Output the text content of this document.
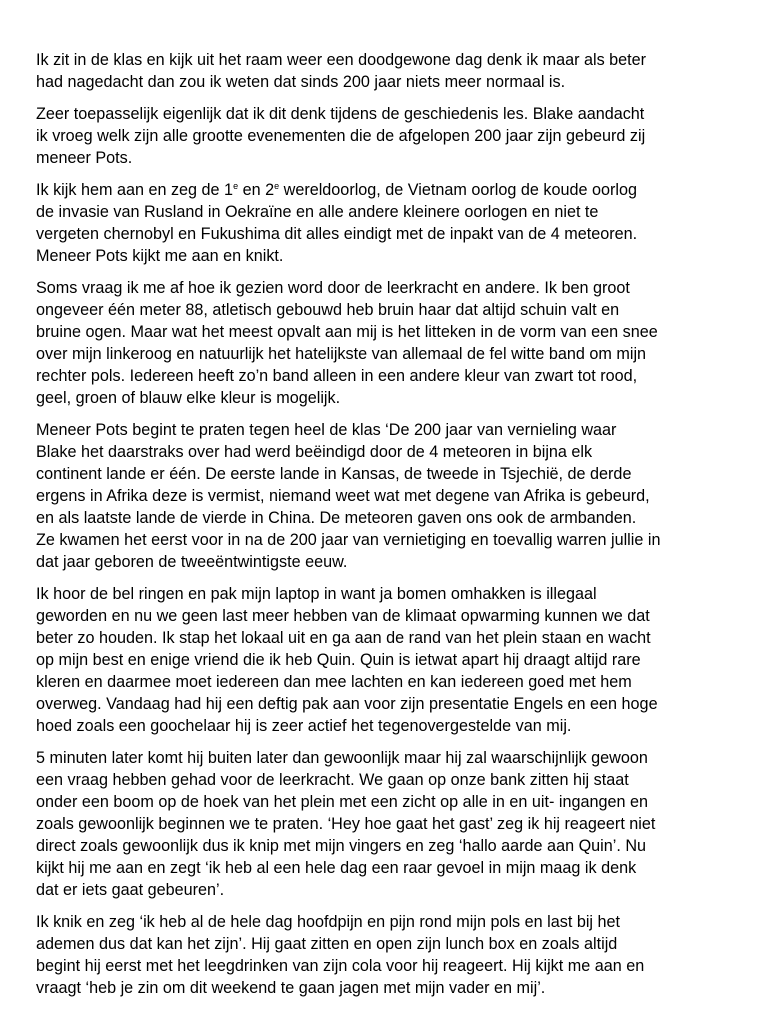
Ik zit in de klas en kijk uit het raam weer een doodgewone dag denk ik maar als beter
had nagedacht dan zou ik weten dat sinds 200 jaar niets meer normaal is.

Zeer toepasselijk eigenlijk dat ik dit denk tijdens de geschiedenis les. Blake aandacht
ik vroeg welk zijn alle grootte evenementen die de afgelopen 200 jaar zijn gebeurd zij
meneer Pots.

Ik kijk hem aan en zeg de 1e en 2e wereldoorlog, de Vietnam oorlog de koude oorlog
de invasie van Rusland in Oekraïne en alle andere kleinere oorlogen en niet te
vergeten chernobyl en Fukushima dit alles eindigt met de inpakt van de 4 meteoren.
Meneer Pots kijkt me aan en knikt.

Soms vraag ik me af hoe ik gezien word door de leerkracht en andere. Ik ben groot
ongeveer één meter 88, atletisch gebouwd heb bruin haar dat altijd schuin valt en
bruine ogen. Maar wat het meest opvalt aan mij is het litteken in de vorm van een snee
over mijn linkeroog en natuurlijk het hatelijkste van allemaal de fel witte band om mijn
rechter pols. Iedereen heeft zo’n band alleen in een andere kleur van zwart tot rood,
geel, groen of blauw elke kleur is mogelijk.

Meneer Pots begint te praten tegen heel de klas ‘De 200 jaar van vernieling waar
Blake het daarstraks over had werd beëindigd door de 4 meteoren in bijna elk
continent lande er één. De eerste lande in Kansas, de tweede in Tsjechië, de derde
ergens in Afrika deze is vermist, niemand weet wat met degene van Afrika is gebeurd,
en als laatste lande de vierde in China. De meteoren gaven ons ook de armbanden.
Ze kwamen het eerst voor in na de 200 jaar van vernietiging en toevallig warren jullie in
dat jaar geboren de tweeëntwintigste eeuw.

Ik hoor de bel ringen en pak mijn laptop in want ja bomen omhakken is illegaal
geworden en nu we geen last meer hebben van de klimaat opwarming kunnen we dat
beter zo houden. Ik stap het lokaal uit en ga aan de rand van het plein staan en wacht
op mijn best en enige vriend die ik heb Quin. Quin is ietwat apart hij draagt altijd rare
kleren en daarmee moet iedereen dan mee lachten en kan iedereen goed met hem
overweg. Vandaag had hij een deftig pak aan voor zijn presentatie Engels en een hoge
hoed zoals een goochelaar hij is zeer actief het tegenovergestelde van mij.

5 minuten later komt hij buiten later dan gewoonlijk maar hij zal waarschijnlijk gewoon
een vraag hebben gehad voor de leerkracht. We gaan op onze bank zitten hij staat
onder een boom op de hoek van het plein met een zicht op alle in en uit- ingangen en
zoals gewoonlijk beginnen we te praten. ‘Hey hoe gaat het gast’ zeg ik hij reageert niet
direct zoals gewoonlijk dus ik knip met mijn vingers en zeg ‘hallo aarde aan Quin’. Nu
kijkt hij me aan en zegt ‘ik heb al een hele dag een raar gevoel in mijn maag ik denk
dat er iets gaat gebeuren’.

Ik knik en zeg ‘ik heb al de hele dag hoofdpijn en pijn rond mijn pols en last bij het
ademen dus dat kan het zijn’. Hij gaat zitten en open zijn lunch box en zoals altijd
begint hij eerst met het leegdrinken van zijn cola voor hij reageert. Hij kijkt me aan en
vraagt ‘heb je zin om dit weekend te gaan jagen met mijn vader en mij’.
